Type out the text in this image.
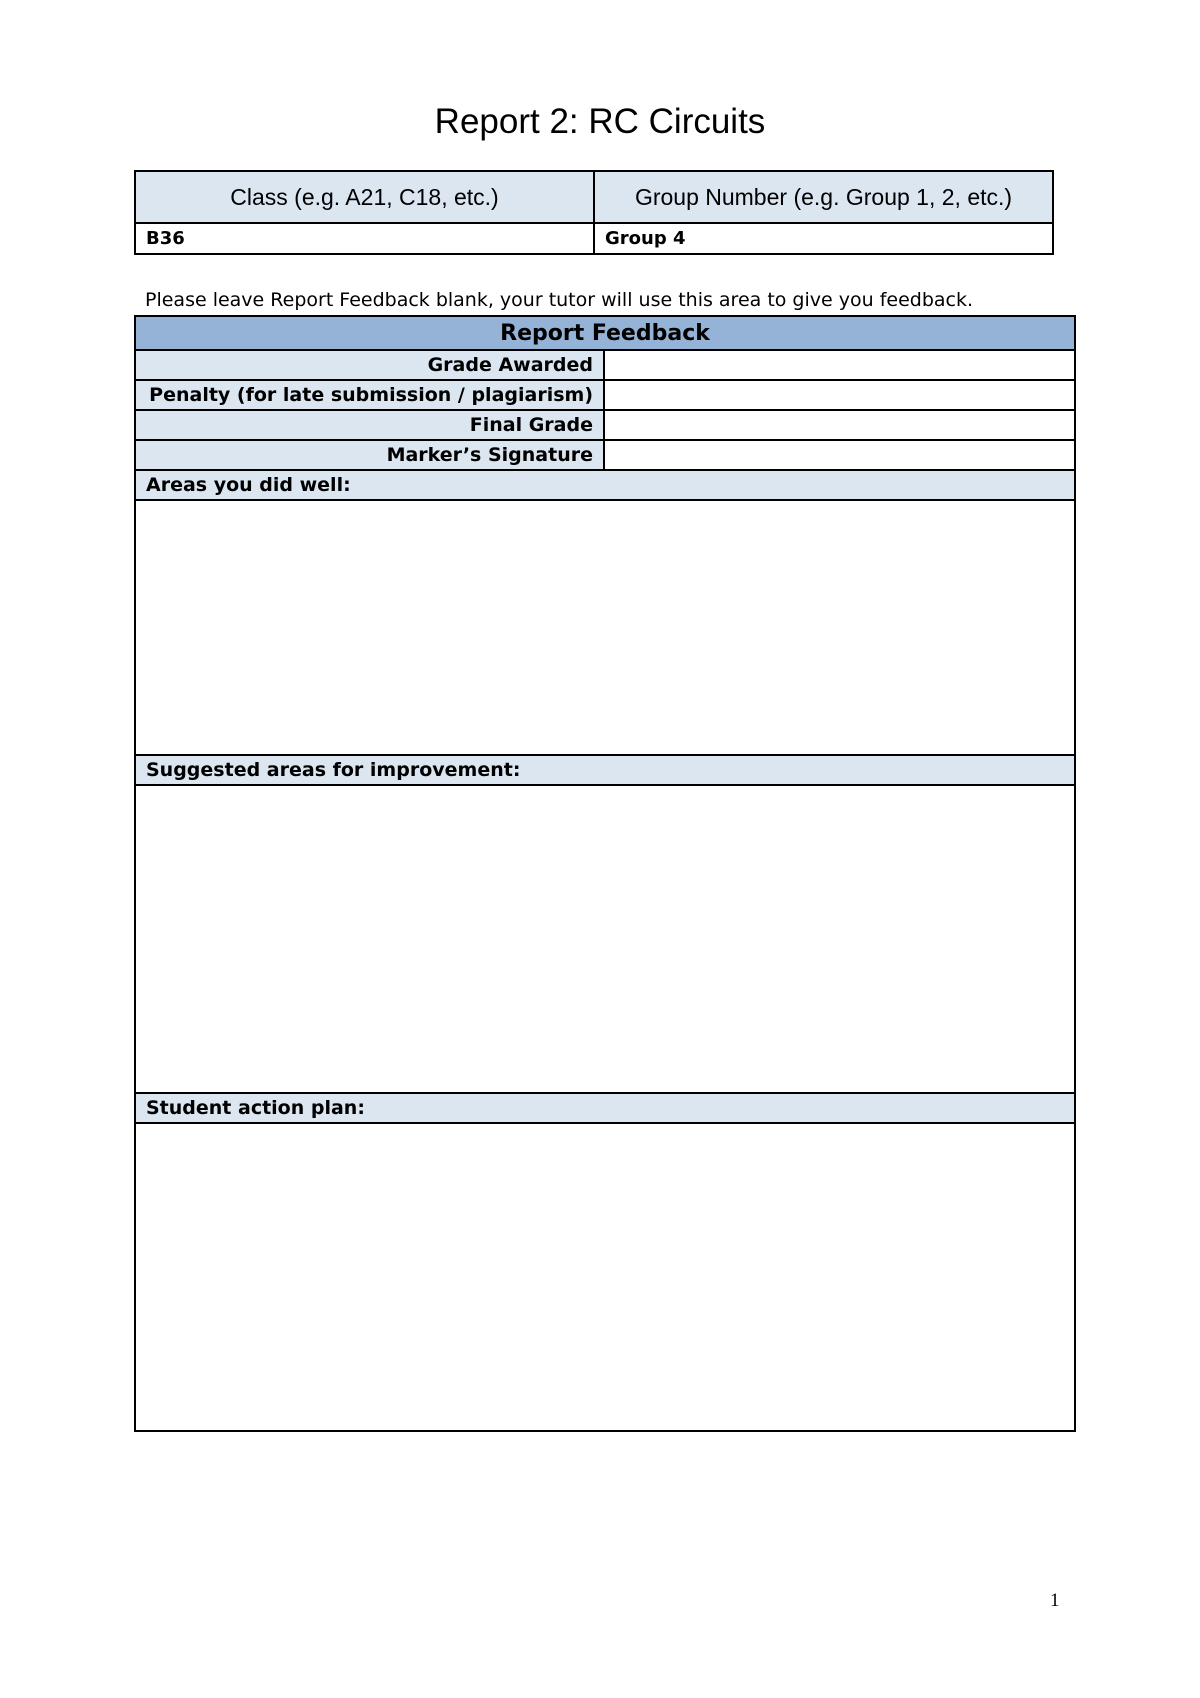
Report 2: RC Circuits
Class (e.g. A21, C18, etc.)	Group Number (e.g. Group 1, 2, etc.)
B36	Group 4
Please leave Report Feedback blank, your tutor will use this area to give you feedback.
Report Feedback	
Grade Awarded	
Penalty (for late submission / plagiarism)	
Final Grade	
Marker’s Signature	
Areas you did well:	

Suggested areas for improvement:	

Student action plan:	

1
